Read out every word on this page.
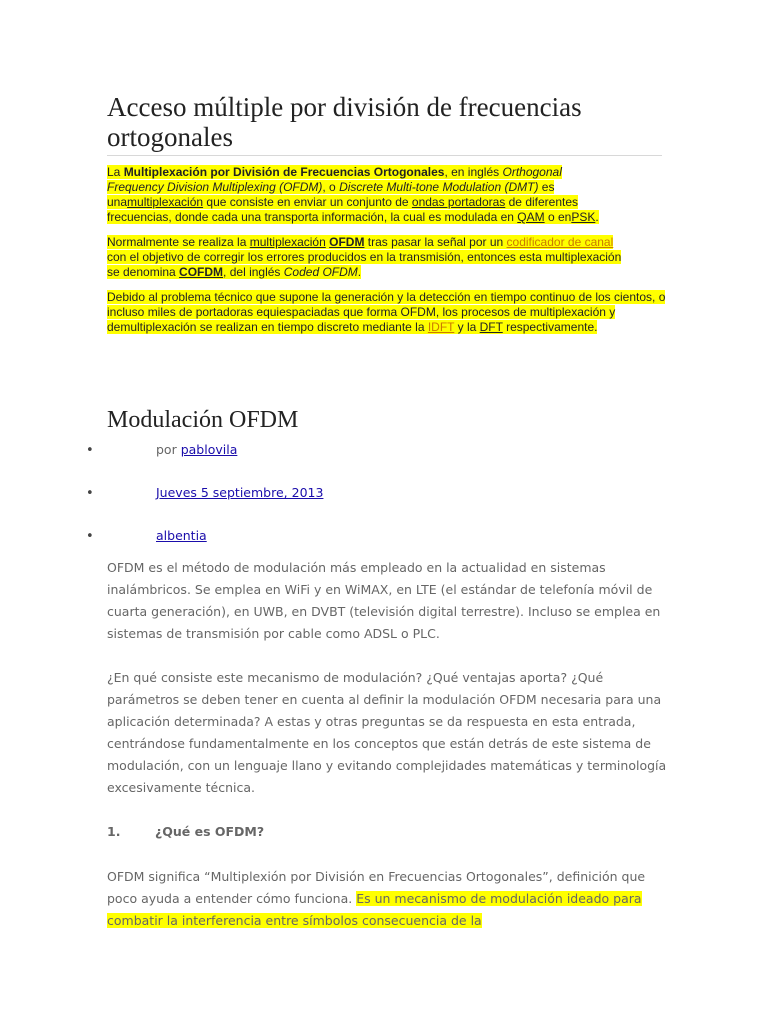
Acceso múltiple por división de frecuencias ortogonales

La Multiplexación por División de Frecuencias Ortogonales, en inglés Orthogonal Frequency Division Multiplexing (OFDM), o Discrete Multi-tone Modulation (DMT) es unamultiplexación que consiste en enviar un conjunto de ondas portadoras de diferentes frecuencias, donde cada una transporta información, la cual es modulada en QAM o enPSK.

Normalmente se realiza la multiplexación OFDM tras pasar la señal por un codificador de canal con el objetivo de corregir los errores producidos en la transmisión, entonces esta multiplexación se denomina COFDM, del inglés Coded OFDM.

Debido al problema técnico que supone la generación y la detección en tiempo continuo de los cientos, o incluso miles de portadoras equiespaciadas que forma OFDM, los procesos de multiplexación y demultiplexación se realizan en tiempo discreto mediante la IDFT y la DFT respectivamente.

Modulación OFDM
•	por pablovila
•	Jueves 5 septiembre, 2013
•	albentia

OFDM es el método de modulación más empleado en la actualidad en sistemas inalámbricos. Se emplea en WiFi y en WiMAX, en LTE (el estándar de telefonía móvil de cuarta generación), en UWB, en DVBT (televisión digital terrestre). Incluso se emplea en sistemas de transmisión por cable como ADSL o PLC.

¿En qué consiste este mecanismo de modulación? ¿Qué ventajas aporta? ¿Qué parámetros se deben tener en cuenta al definir la modulación OFDM necesaria para una aplicación determinada? A estas y otras preguntas se da respuesta en esta entrada, centrándose fundamentalmente en los conceptos que están detrás de este sistema de modulación, con un lenguaje llano y evitando complejidades matemáticas y terminología excesivamente técnica.

1.	¿Qué es OFDM?

OFDM significa “Multiplexión por División en Frecuencias Ortogonales”, definición que poco ayuda a entender cómo funciona. Es un mecanismo de modulación ideado para combatir la interferencia entre símbolos consecuencia de la
